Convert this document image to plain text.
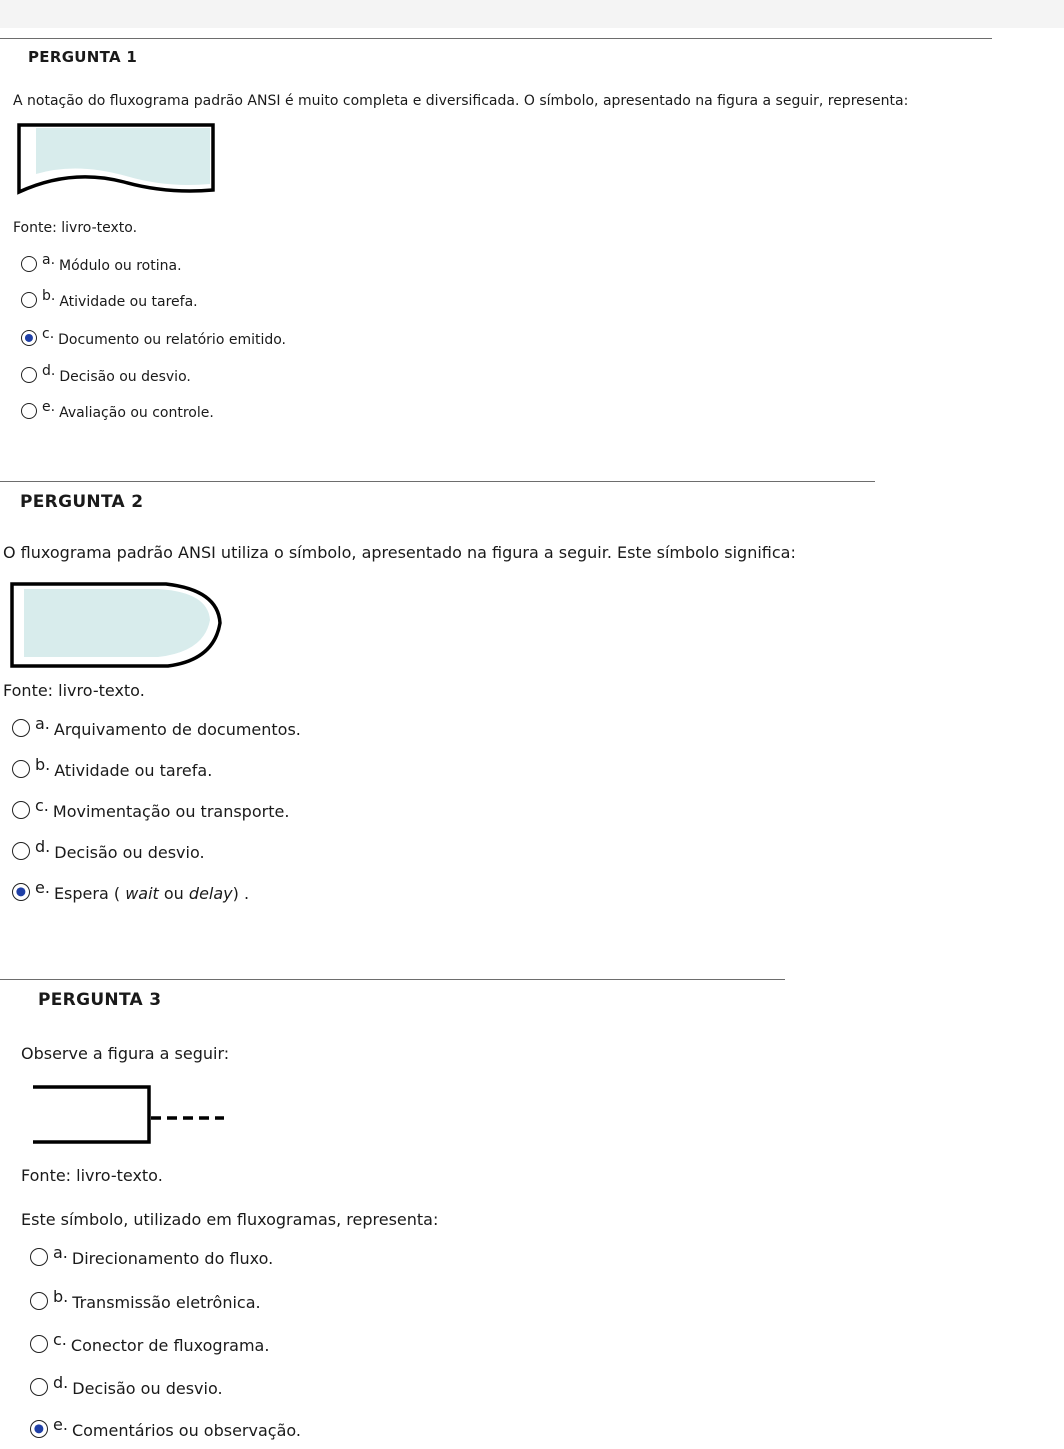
PERGUNTA 1

A notação do fluxograma padrão ANSI é muito completa e diversificada. O símbolo, apresentado na figura a seguir, representa:

Fonte: livro-texto.

a. Módulo ou rotina.
b. Atividade ou tarefa.
c. Documento ou relatório emitido.
d. Decisão ou desvio.
e. Avaliação ou controle.
PERGUNTA 2

O fluxograma padrão ANSI utiliza o símbolo, apresentado na figura a seguir. Este símbolo significa:

Fonte: livro-texto.

a. Arquivamento de documentos.
b. Atividade ou tarefa.
c. Movimentação ou transporte.
d. Decisão ou desvio.
e. Espera ( wait ou delay) .
PERGUNTA 3

Observe a figura a seguir:

Fonte: livro-texto.

Este símbolo, utilizado em fluxogramas, representa:

a. Direcionamento do fluxo.
b. Transmissão eletrônica.
c. Conector de fluxograma.
d. Decisão ou desvio.
e. Comentários ou observação.
